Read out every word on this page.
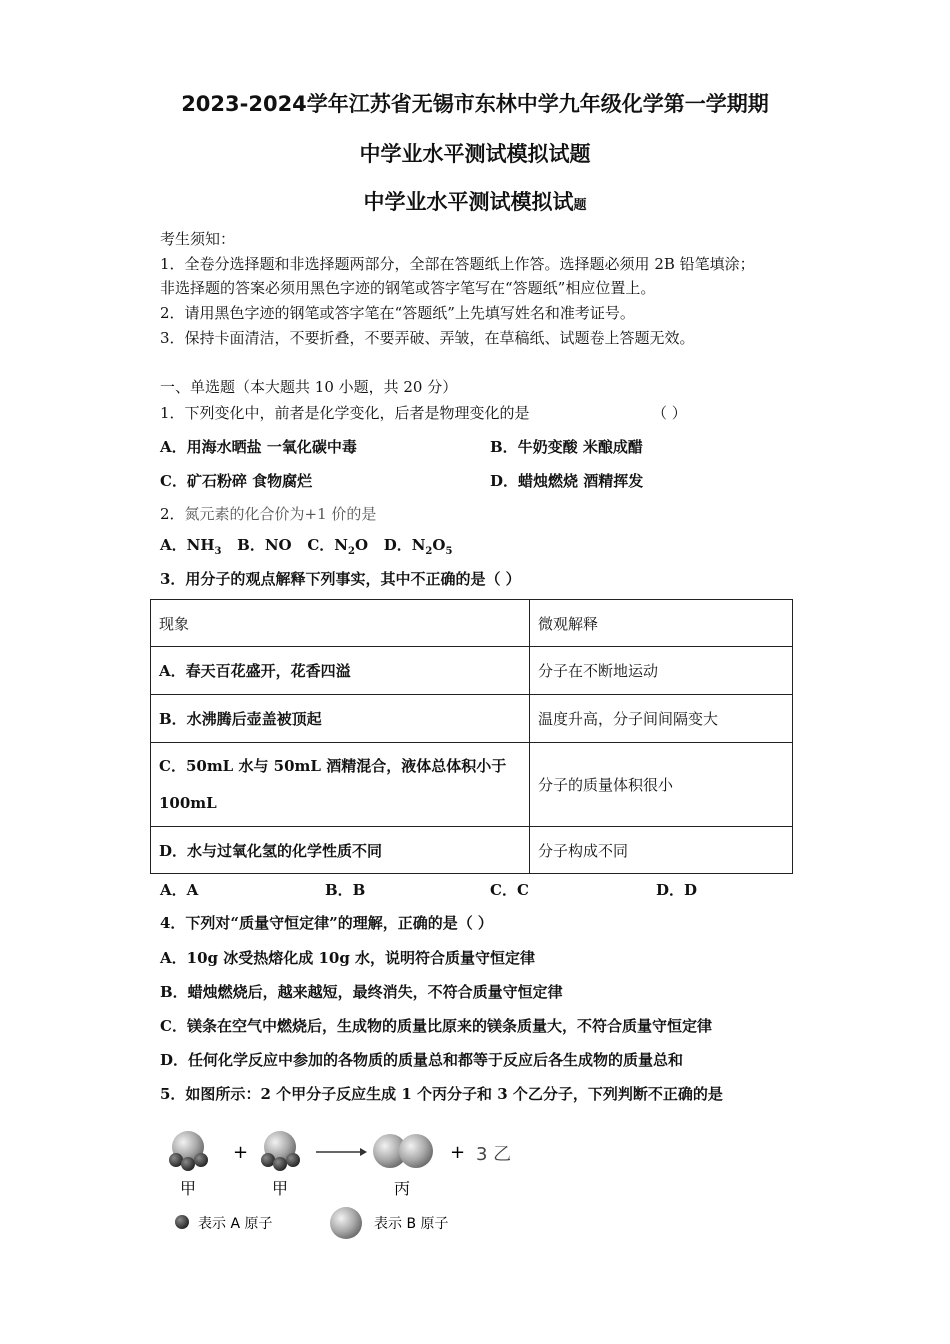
2023-2024学年江苏省无锡市东林中学九年级化学第一学期期
中学业水平测试模拟试题
中学业水平测试模拟试题
考生须知：
1．全卷分选择题和非选择题两部分，全部在答题纸上作答。选择题必须用 2B 铅笔填涂；
非选择题的答案必须用黑色字迹的钢笔或答字笔写在“答题纸”相应位置上。
2．请用黑色字迹的钢笔或答字笔在“答题纸”上先填写姓名和准考证号。
3．保持卡面清洁，不要折叠，不要弄破、弄皱，在草稿纸、试题卷上答题无效。
一、单选题（本大题共 10 小题，共 20 分）
1．下列变化中，前者是化学变化，后者是物理变化的是	（ ）
A．用海水晒盐 一氧化碳中毒	B．牛奶变酸 米酿成醋
C．矿石粉碎 食物腐烂	D．蜡烛燃烧 酒精挥发
2．氮元素的化合价为+1 价的是
A．$NH_3$ B．NO C．$N_2O$ D．$N_2O_5$
3．用分子的观点解释下列事实，其中不正确的是（ ）
现象	微观解释
A．春天百花盛开，花香四溢	分子在不断地运动
B．水沸腾后壶盖被顶起	温度升高，分子间间隔变大

C．50mL 水与 50mL 酒精混合，液体总体积小于
100mL	分子的质量体积很小
D．水与过氧化氢的化学性质不同	分子构成不同
A．A	B．B	C．C	D．D
4．下列对“质量守恒定律”的理解，正确的是（ ）
A．10g 冰受热熔化成 10g 水，说明符合质量守恒定律
B．蜡烛燃烧后，越来越短，最终消失，不符合质量守恒定律
C．镁条在空气中燃烧后，生成物的质量比原来的镁条质量大，不符合质量守恒定律
D．任何化学反应中参加的各物质的质量总和都等于反应后各生成物的质量总和
5．如图所示：2 个甲分子反应生成 1 个丙分子和 3 个乙分子，下列判断不正确的是
+	+ 3 乙
甲	甲	丙
表示 A 原子	表示 B 原子
